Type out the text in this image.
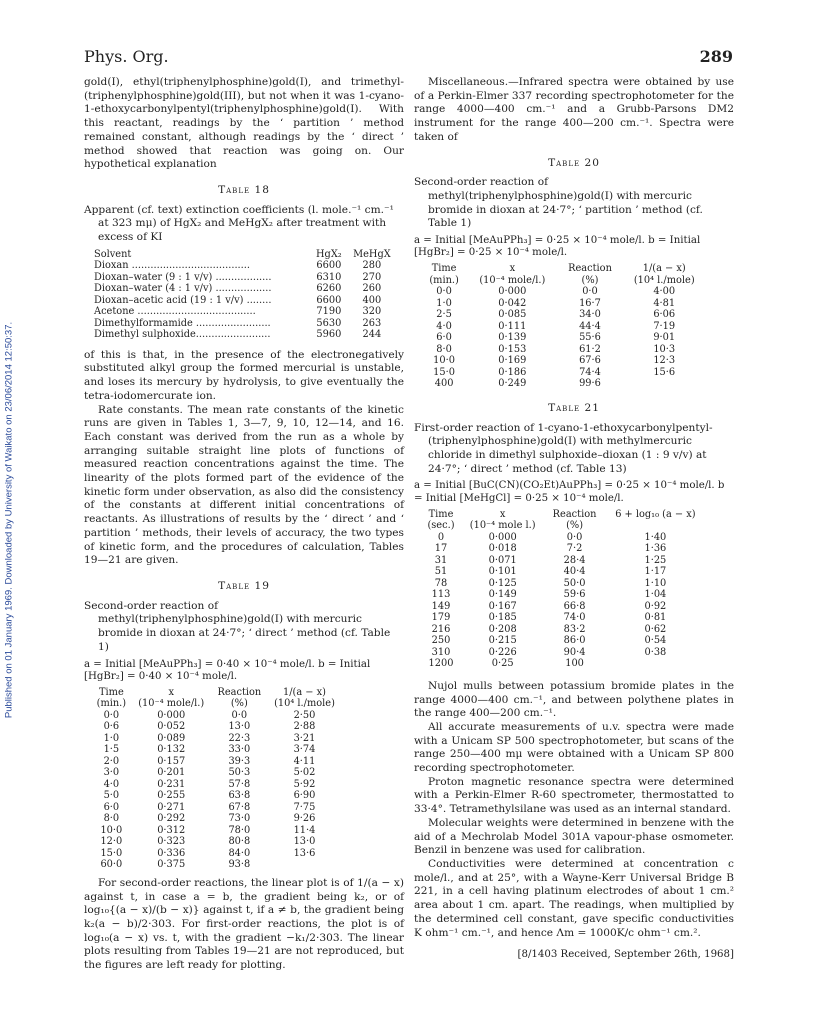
Published on 01 January 1969. Downloaded by University of Waikato on 23/06/2014 12:50:37.
Phys. Org.	289

gold(I), ethyl(triphenylphosphine)gold(I), and trimethyl-(triphenylphosphine)gold(III), but not when it was 1-cyano-1-ethoxycarbonylpentyl(triphenylphosphine)gold(I). With this reactant, readings by the ‘ partition ’ method remained constant, although readings by the ‘ direct ’ method showed that reaction was going on. Our hypothetical explanation

Table 18

Apparent (cf. text) extinction coefficients (l. mole.⁻¹ cm.⁻¹ at 323 mμ) of HgX₂ and MeHgX₂ after treatment with excess of KI

Solvent	HgX₂	MeHgX
Dioxan ......................................	6600	280
Dioxan–water (9 : 1 v/v) ..................	6310	270
Dioxan–water (4 : 1 v/v) ..................	6260	260
Dioxan–acetic acid (19 : 1 v/v) ........	6600	400
Acetone ......................................	7190	320
Dimethylformamide ........................	5630	263
Dimethyl sulphoxide........................	5960	244

of this is that, in the presence of the electronegatively substituted alkyl group the formed mercurial is unstable, and loses its mercury by hydrolysis, to give eventually the tetra-iodomercurate ion.

Rate constants. The mean rate constants of the kinetic runs are given in Tables 1, 3—7, 9, 10, 12—14, and 16. Each constant was derived from the run as a whole by arranging suitable straight line plots of functions of measured reaction concentrations against the time. The linearity of the plots formed part of the evidence of the kinetic form under observation, as also did the consistency of the constants at different initial concentrations of reactants. As illustrations of results by the ‘ direct ’ and ‘ partition ’ methods, their levels of accuracy, the two types of kinetic form, and the procedures of calculation, Tables 19—21 are given.

Table 19

Second-order reaction of methyl(triphenylphosphine)gold(I) with mercuric bromide in dioxan at 24·7°; ‘ direct ’ method (cf. Table 1)

a = Initial [MeAuPPh₃] = 0·40 × 10⁻⁴ mole/l. b = Initial [HgBr₂] = 0·40 × 10⁻⁴ mole/l.

Time	x	Reaction	1/(a − x)
(min.)	(10⁻⁴ mole/l.)	(%)	(10⁴ l./mole)
0·0	0·000	0·0	2·50
0·6	0·052	13·0	2·88
1·0	0·089	22·3	3·21
1·5	0·132	33·0	3·74
2·0	0·157	39·3	4·11
3·0	0·201	50·3	5·02
4·0	0·231	57·8	5·92
5·0	0·255	63·8	6·90
6·0	0·271	67·8	7·75
8·0	0·292	73·0	9·26
10·0	0·312	78·0	11·4
12·0	0·323	80·8	13·0
15·0	0·336	84·0	13·6
60·0	0·375	93·8	

For second-order reactions, the linear plot is of 1/(a − x) against t, in case a = b, the gradient being k₂, or of log₁₀{(a − x)/(b − x)} against t, if a ≠ b, the gradient being k₂(a − b)/2·303. For first-order reactions, the plot is of log₁₀(a − x) vs. t, with the gradient −k₁/2·303. The linear plots resulting from Tables 19—21 are not reproduced, but the figures are left ready for plotting.

Miscellaneous.—Infrared spectra were obtained by use of a Perkin-Elmer 337 recording spectrophotometer for the range 4000—400 cm.⁻¹ and a Grubb-Parsons DM2 instrument for the range 400—200 cm.⁻¹. Spectra were taken of

Table 20

Second-order reaction of methyl(triphenylphosphine)gold(I) with mercuric bromide in dioxan at 24·7°; ‘ partition ’ method (cf. Table 1)

a = Initial [MeAuPPh₃] = 0·25 × 10⁻⁴ mole/l. b = Initial [HgBr₂] = 0·25 × 10⁻⁴ mole/l.

Time	x	Reaction	1/(a − x)
(min.)	(10⁻⁴ mole/l.)	(%)	(10⁴ l./mole)
0·0	0·000	0·0	4·00
1·0	0·042	16·7	4·81
2·5	0·085	34·0	6·06
4·0	0·111	44·4	7·19
6·0	0·139	55·6	9·01
8·0	0·153	61·2	10·3
10·0	0·169	67·6	12·3
15·0	0·186	74·4	15·6
400	0·249	99·6	
Table 21

First-order reaction of 1-cyano-1-ethoxycarbonylpentyl-(triphenylphosphine)gold(I) with methylmercuric chloride in dimethyl sulphoxide–dioxan (1 : 9 v/v) at 24·7°; ‘ direct ’ method (cf. Table 13)

a = Initial [BuC(CN)(CO₂Et)AuPPh₃] = 0·25 × 10⁻⁴ mole/l. b = Initial [MeHgCl] = 0·25 × 10⁻⁴ mole/l.

Time	x	Reaction	6 + log₁₀ (a − x)
(sec.)	(10⁻⁴ mole l.)	(%)	
0	0·000	0·0	1·40
17	0·018	7·2	1·36
31	0·071	28·4	1·25
51	0·101	40·4	1·17
78	0·125	50·0	1·10
113	0·149	59·6	1·04
149	0·167	66·8	0·92
179	0·185	74·0	0·81
216	0·208	83·2	0·62
250	0·215	86·0	0·54
310	0·226	90·4	0·38
1200	0·25	100	

Nujol mulls between potassium bromide plates in the range 4000—400 cm.⁻¹, and between polythene plates in the range 400—200 cm.⁻¹.

All accurate measurements of u.v. spectra were made with a Unicam SP 500 spectrophotometer, but scans of the range 250—400 mμ were obtained with a Unicam SP 800 recording spectrophotometer.

Proton magnetic resonance spectra were determined with a Perkin-Elmer R-60 spectrometer, thermostatted to 33·4°. Tetramethylsilane was used as an internal standard.

Molecular weights were determined in benzene with the aid of a Mechrolab Model 301A vapour-phase osmometer. Benzil in benzene was used for calibration.

Conductivities were determined at concentration c mole/l., and at 25°, with a Wayne-Kerr Universal Bridge B 221, in a cell having platinum electrodes of about 1 cm.² area about 1 cm. apart. The readings, when multiplied by the determined cell constant, gave specific conductivities K ohm⁻¹ cm.⁻¹, and hence Λm = 1000K/c ohm⁻¹ cm.².

[8/1403 Received, September 26th, 1968]
